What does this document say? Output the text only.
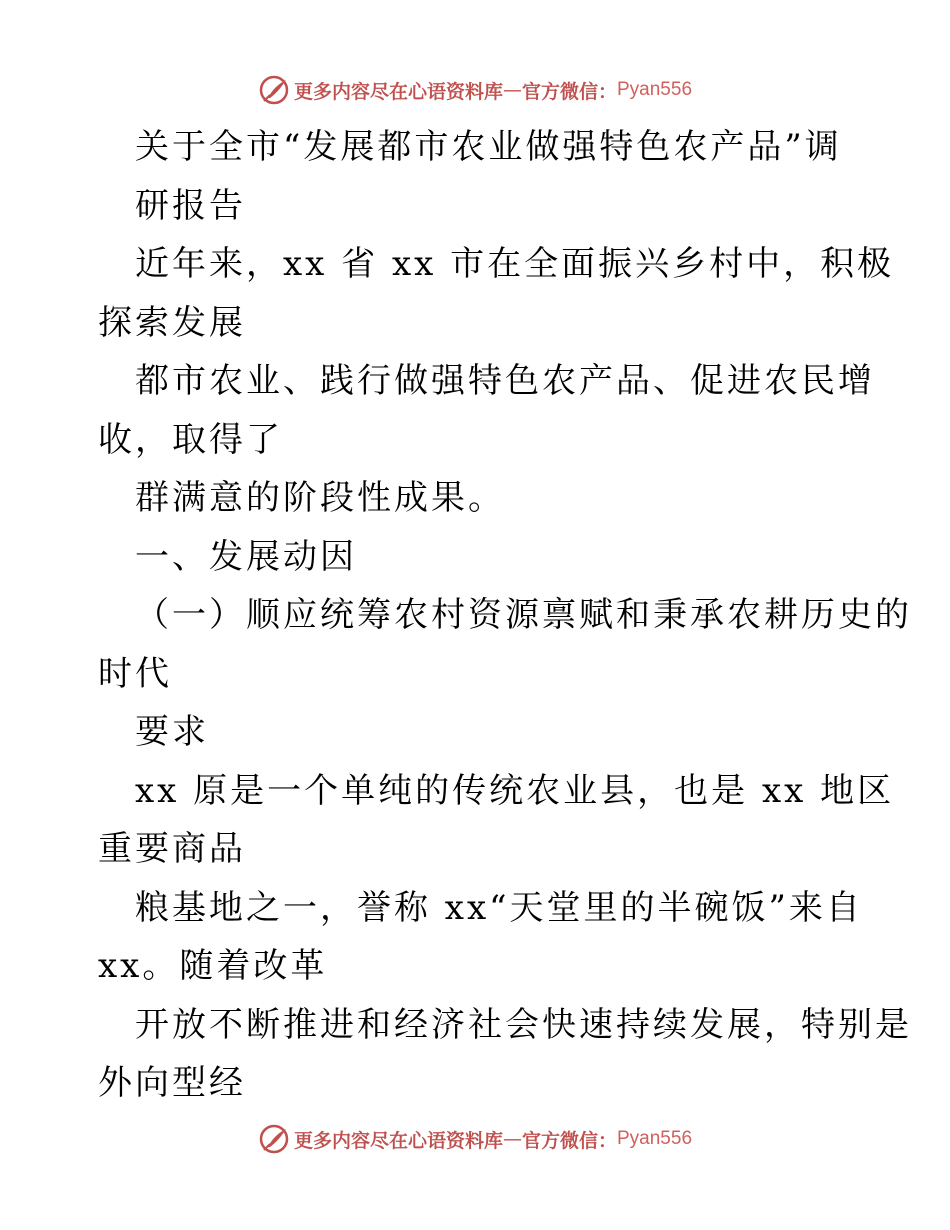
更多内容尽在心语资料库 — 官方微信： Pyan556
关于全市“发展都市农业做强特色农产品”调
研报告
近年来，xx 省 xx 市在全面振兴乡村中，积极
探索发展
都市农业、践行做强特色农产品、促进农民增
收，取得了
群满意的阶段性成果。
一、发展动因
（一）顺应统筹农村资源禀赋和秉承农耕历史的
时代
要求
xx 原是一个单纯的传统农业县，也是 xx 地区
重要商品
粮基地之一，誉称 xx“天堂里的半碗饭”来自
xx。随着改革
开放不断推进和经济社会快速持续发展，特别是
外向型经
更多内容尽在心语资料库 — 官方微信： Pyan556
